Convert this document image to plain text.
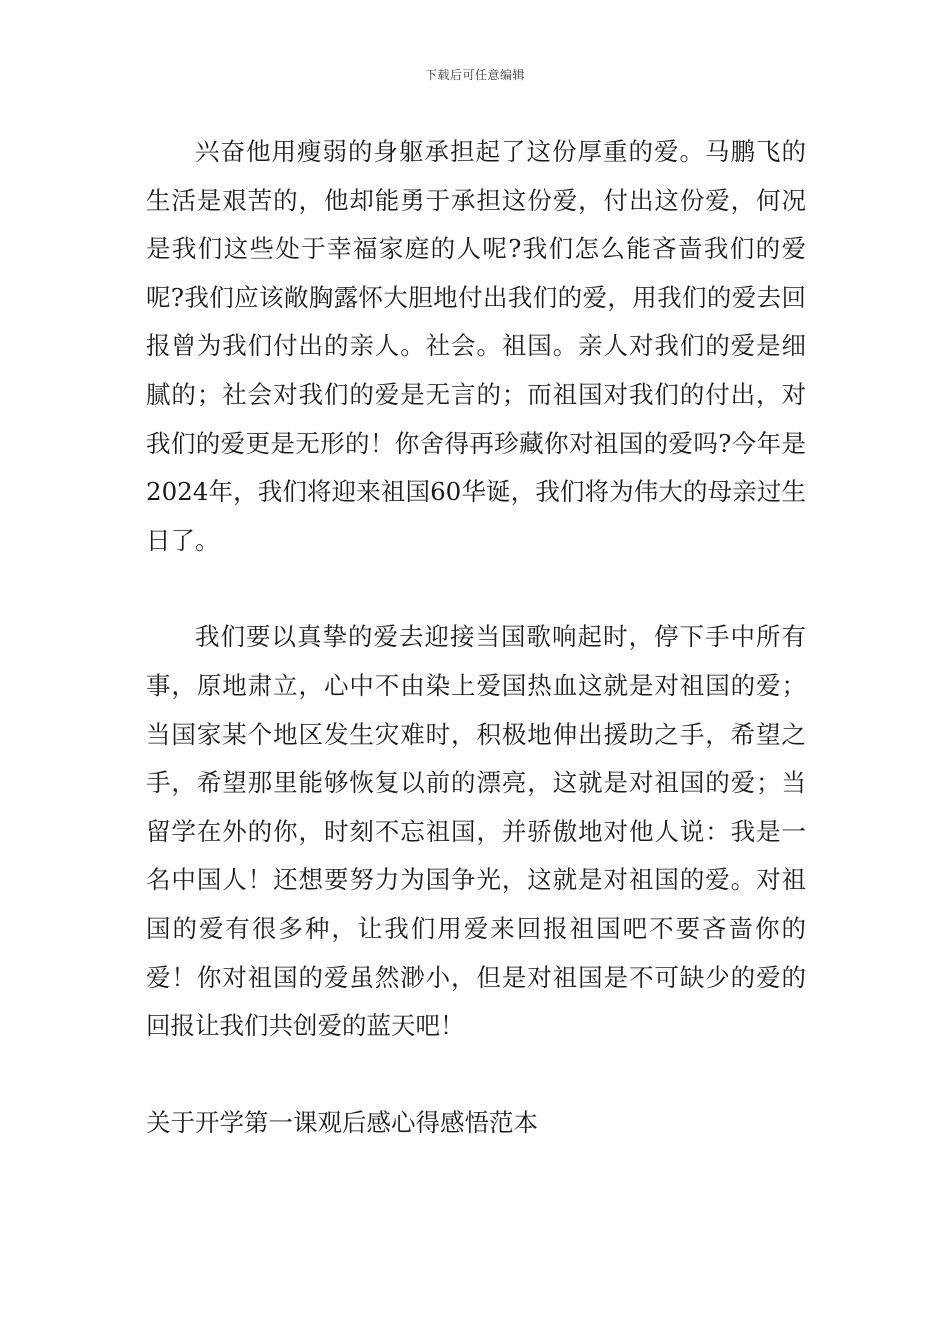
下载后可任意编辑

兴奋他用瘦弱的身躯承担起了这份厚重的爱。马鹏飞的生活是艰苦的，他却能勇于承担这份爱，付出这份爱，何况是我们这些处于幸福家庭的人呢?我们怎么能吝啬我们的爱呢?我们应该敞胸露怀大胆地付出我们的爱，用我们的爱去回报曾为我们付出的亲人。社会。祖国。亲人对我们的爱是细腻的；社会对我们的爱是无言的；而祖国对我们的付出，对我们的爱更是无形的！你舍得再珍藏你对祖国的爱吗?今年是2024年，我们将迎来祖国60华诞，我们将为伟大的母亲过生日了。

我们要以真挚的爱去迎接当国歌响起时，停下手中所有事，原地肃立，心中不由染上爱国热血这就是对祖国的爱；当国家某个地区发生灾难时，积极地伸出援助之手，希望之手，希望那里能够恢复以前的漂亮，这就是对祖国的爱；当留学在外的你，时刻不忘祖国，并骄傲地对他人说：我是一名中国人！还想要努力为国争光，这就是对祖国的爱。对祖国的爱有很多种，让我们用爱来回报祖国吧不要吝啬你的爱！你对祖国的爱虽然渺小，但是对祖国是不可缺少的爱的回报让我们共创爱的蓝天吧！

关于开学第一课观后感心得感悟范本
